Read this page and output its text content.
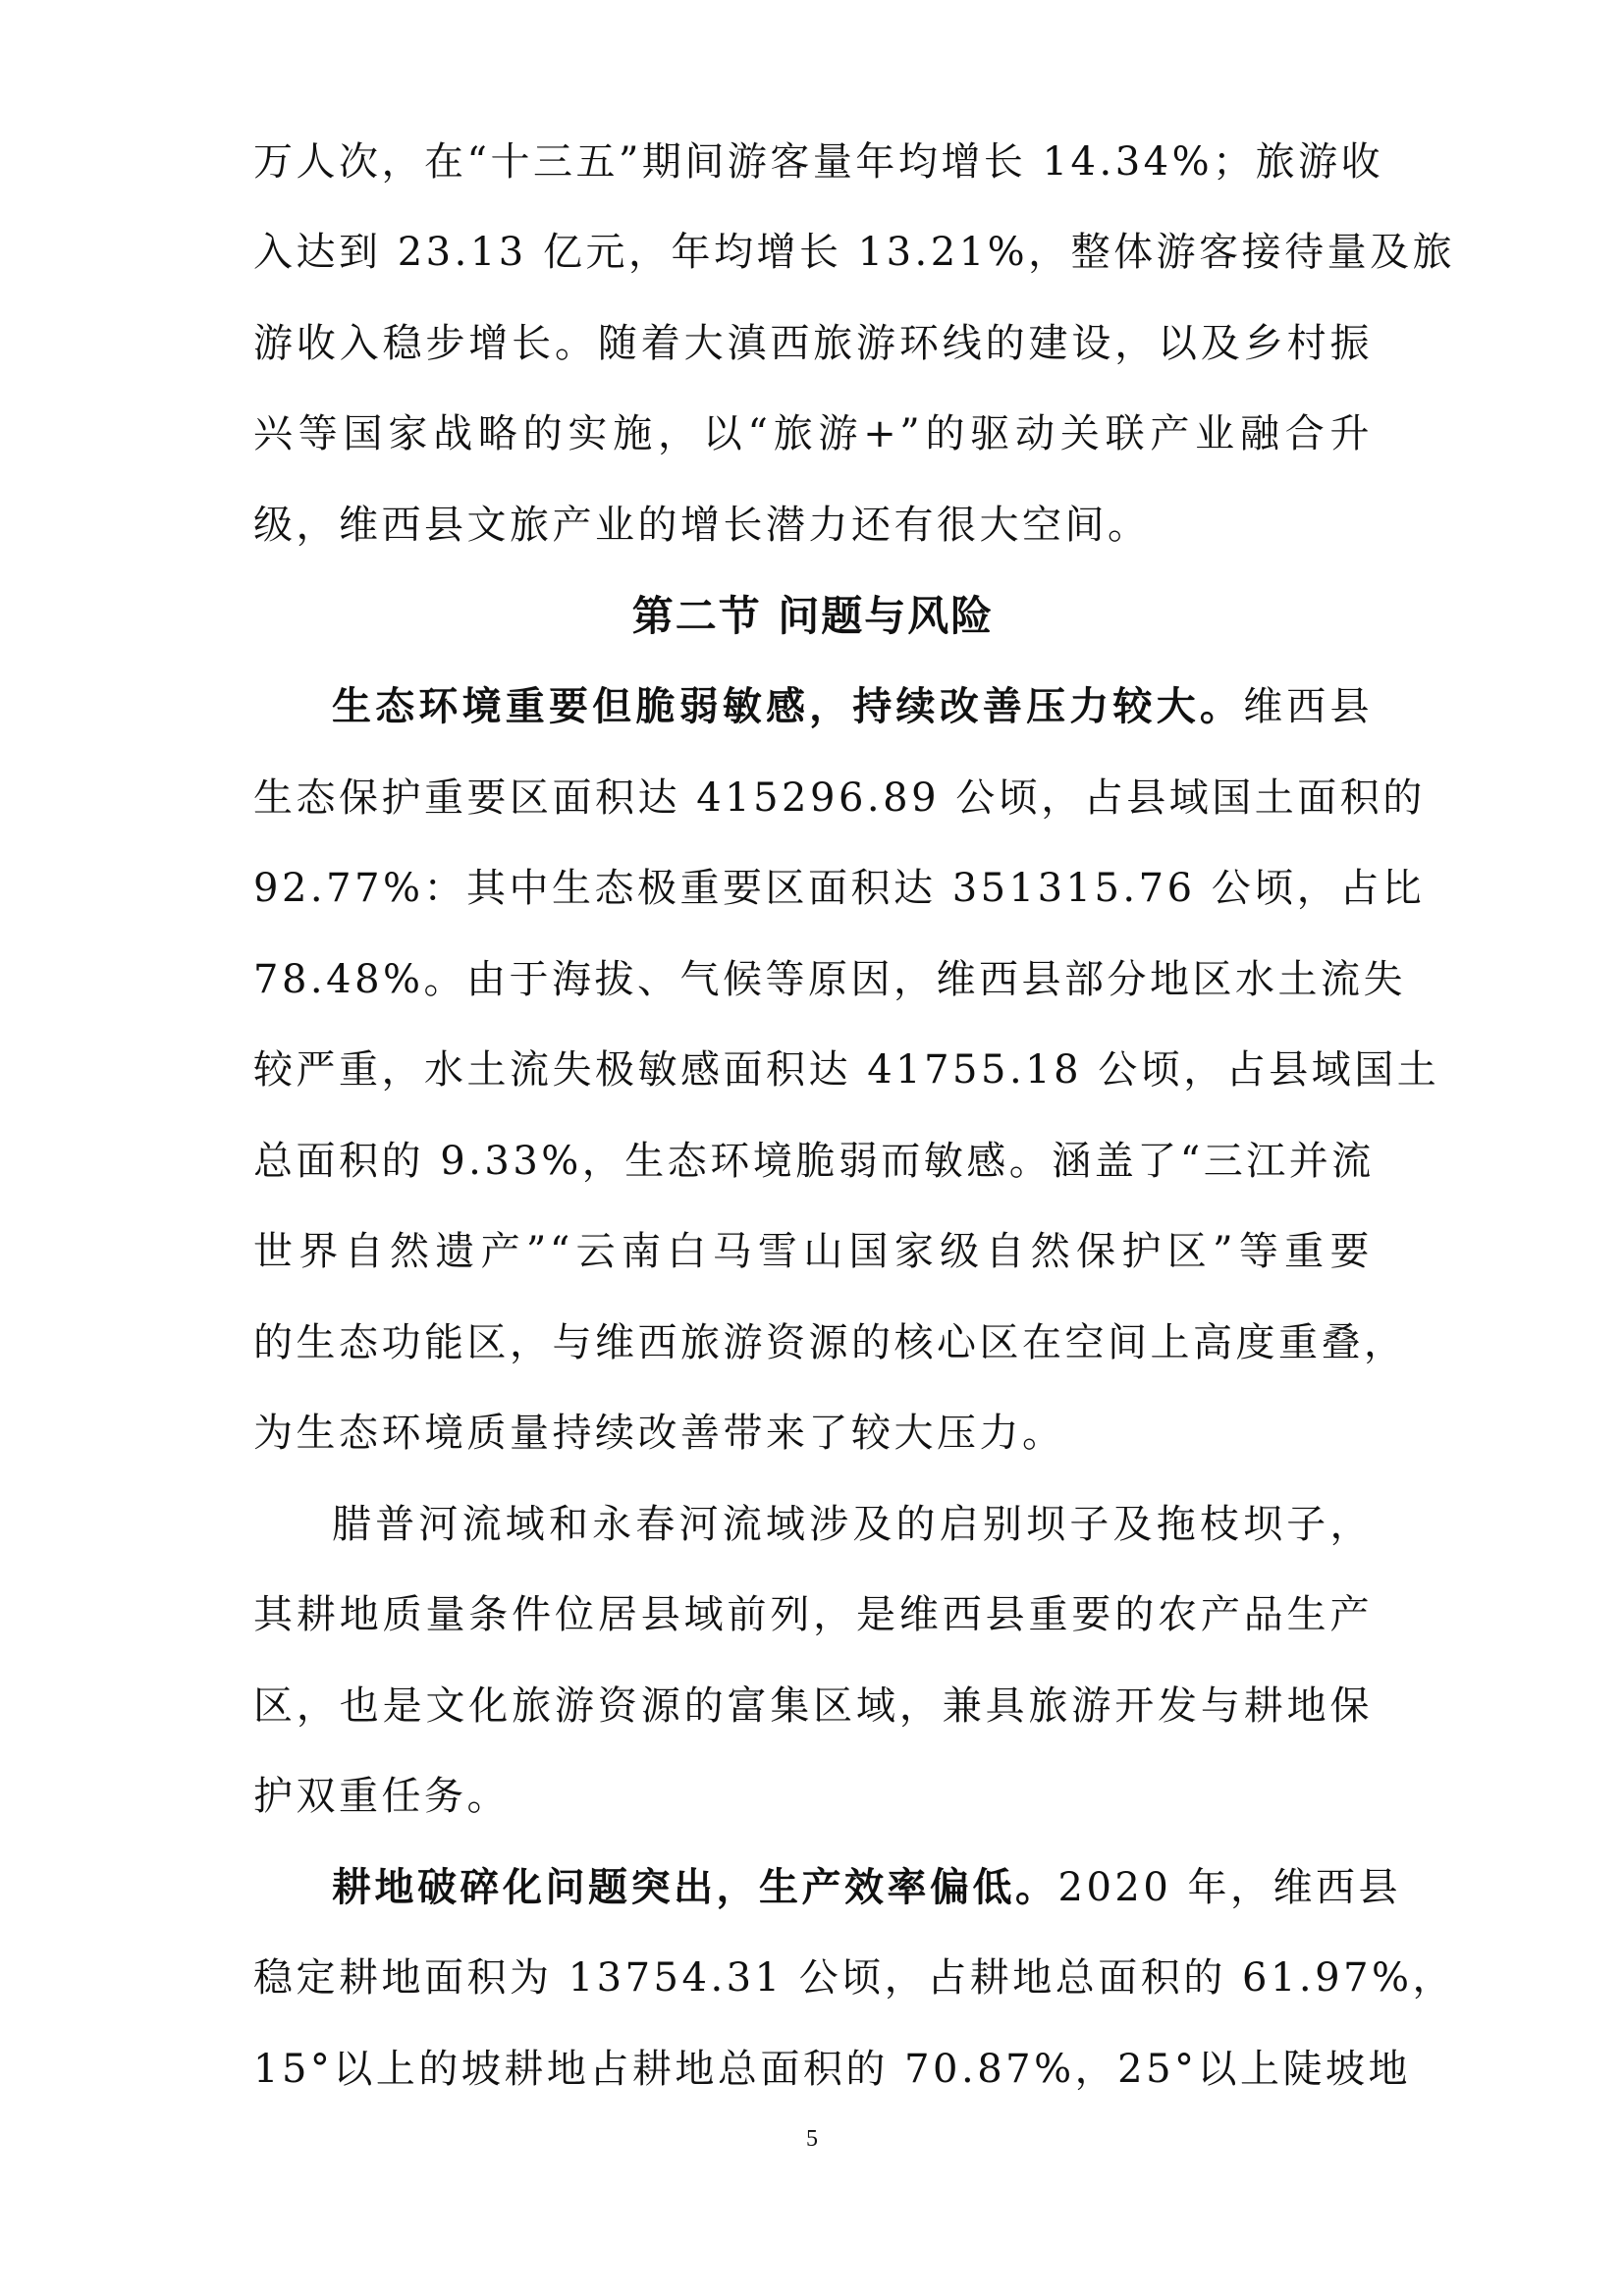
万人次，在“十三五”期间游客量年均增长 14.34%；旅游收
入达到 23.13 亿元，年均增长 13.21%，整体游客接待量及旅
游收入稳步增长。随着大滇西旅游环线的建设，以及乡村振
兴等国家战略的实施，以“旅游+”的驱动关联产业融合升
级，维西县文旅产业的增长潜力还有很大空间。
第二节 问题与风险
生态环境重要但脆弱敏感，持续改善压力较大。维西县
生态保护重要区面积达 415296.89 公顷，占县域国土面积的
92.77%：其中生态极重要区面积达 351315.76 公顷，占比
78.48%。由于海拔、气候等原因，维西县部分地区水土流失
较严重，水土流失极敏感面积达 41755.18 公顷，占县域国土
总面积的 9.33%，生态环境脆弱而敏感。涵盖了“三江并流
世界自然遗产”“云南白马雪山国家级自然保护区”等重要
的生态功能区，与维西旅游资源的核心区在空间上高度重叠，
为生态环境质量持续改善带来了较大压力。
腊普河流域和永春河流域涉及的启别坝子及拖枝坝子，
其耕地质量条件位居县域前列，是维西县重要的农产品生产
区，也是文化旅游资源的富集区域，兼具旅游开发与耕地保
护双重任务。
耕地破碎化问题突出，生产效率偏低。2020 年，维西县
稳定耕地面积为 13754.31 公顷，占耕地总面积的 61.97%，
15°以上的坡耕地占耕地总面积的 70.87%，25°以上陡坡地
5
